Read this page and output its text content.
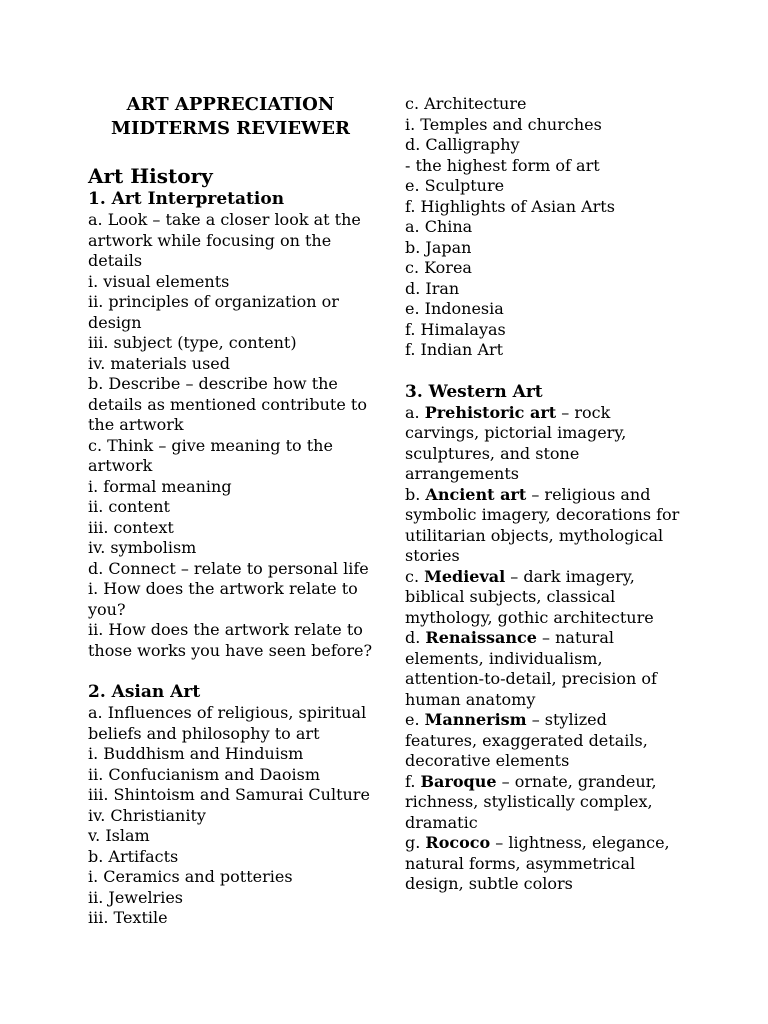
ART APPRECIATION
MIDTERMS REVIEWER
Art History
1. Art Interpretation

a. Look – take a closer look at the artwork while focusing on the details

i. visual elements

ii. principles of organization or design

iii. subject (type, content)

iv. materials used

b. Describe – describe how the details as mentioned contribute to the artwork

c. Think – give meaning to the artwork

i. formal meaning

ii. content

iii. context

iv. symbolism

d. Connect – relate to personal life

i. How does the artwork relate to you?

ii. How does the artwork relate to those works you have seen before?

2. Asian Art

a. Influences of religious, spiritual beliefs and philosophy to art

i. Buddhism and Hinduism

ii. Confucianism and Daoism

iii. Shintoism and Samurai Culture

iv. Christianity

v. Islam

b. Artifacts

i. Ceramics and potteries

ii. Jewelries

iii. Textile

c. Architecture

i. Temples and churches

d. Calligraphy

- the highest form of art

e. Sculpture

f. Highlights of Asian Arts

a. China

b. Japan

c. Korea

d. Iran

e. Indonesia

f. Himalayas

f. Indian Art

3. Western Art

a. Prehistoric art – rock carvings, pictorial imagery, sculptures, and stone arrangements

b. Ancient art – religious and symbolic imagery, decorations for utilitarian objects, mythological stories

c. Medieval – dark imagery, biblical subjects, classical mythology, gothic architecture

d. Renaissance – natural elements, individualism, attention-to-detail, precision of human anatomy

e. Mannerism – stylized features, exaggerated details, decorative elements

f. Baroque – ornate, grandeur, richness, stylistically complex, dramatic

g. Rococo – lightness, elegance, natural forms, asymmetrical design, subtle colors
